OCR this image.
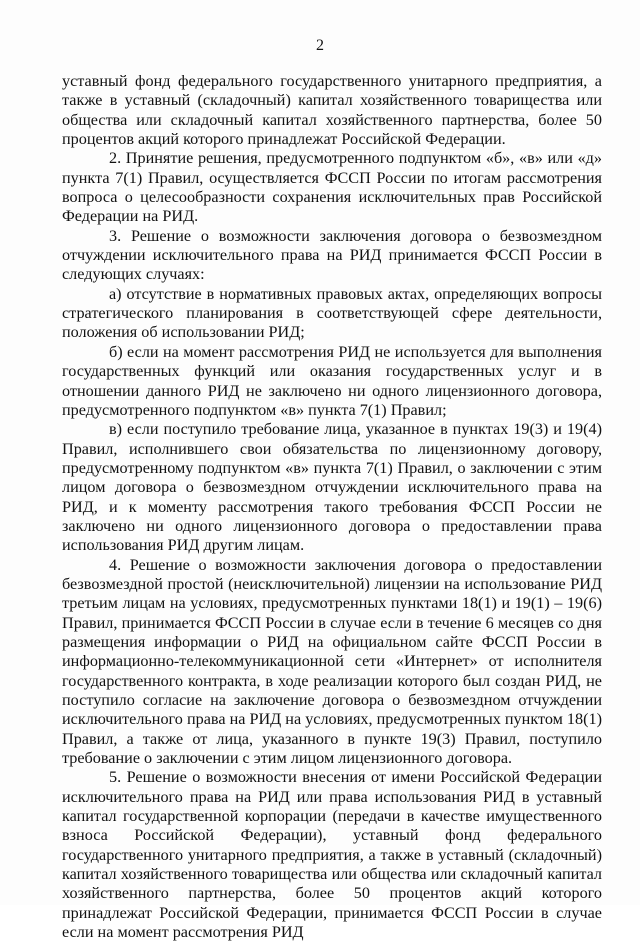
2

уставный фонд федерального государственного унитарного предприятия, а также в уставный (складочный) капитал хозяйственного товарищества или общества или складочный капитал хозяйственного партнерства, более 50 процентов акций которого принадлежат Российской Федерации.

2. Принятие решения, предусмотренного подпунктом «б», «в» или «д» пункта 7(1) Правил, осуществляется ФССП России по итогам рассмотрения вопроса о целесообразности сохранения исключительных прав Российской Федерации на РИД.

3. Решение о возможности заключения договора о безвозмездном отчуждении исключительного права на РИД принимается ФССП России в следующих случаях:

а) отсутствие в нормативных правовых актах, определяющих вопросы стратегического планирования в соответствующей сфере деятельности, положения об использовании РИД;

б) если на момент рассмотрения РИД не используется для выполнения государственных функций или оказания государственных услуг и в отношении данного РИД не заключено ни одного лицензионного договора, предусмотренного подпунктом «в» пункта 7(1) Правил;

в) если поступило требование лица, указанное в пунктах 19(3) и 19(4) Правил, исполнившего свои обязательства по лицензионному договору, предусмотренному подпунктом «в» пункта 7(1) Правил, о заключении с этим лицом договора о безвозмездном отчуждении исключительного права на РИД, и к моменту рассмотрения такого требования ФССП России не заключено ни одного лицензионного договора о предоставлении права использования РИД другим лицам.

4. Решение о возможности заключения договора о предоставлении безвозмездной простой (неисключительной) лицензии на использование РИД третьим лицам на условиях, предусмотренных пунктами 18(1) и 19(1) – 19(6) Правил, принимается ФССП России в случае если в течение 6 месяцев со дня размещения информации о РИД на официальном сайте ФССП России в информационно-телекоммуникационной сети «Интернет» от исполнителя государственного контракта, в ходе реализации которого был создан РИД, не поступило согласие на заключение договора о безвозмездном отчуждении исключительного права на РИД на условиях, предусмотренных пунктом 18(1) Правил, а также от лица, указанного в пункте 19(3) Правил, поступило требование о заключении с этим лицом лицензионного договора.

5. Решение о возможности внесения от имени Российской Федерации исключительного права на РИД или права использования РИД в уставный капитал государственной корпорации (передачи в качестве имущественного взноса Российской Федерации), уставный фонд федерального государственного унитарного предприятия, а также в уставный (складочный) капитал хозяйственного товарищества или общества или складочный капитал хозяйственного партнерства, более 50 процентов акций которого принадлежат Российской Федерации, принимается ФССП России в случае если на момент рассмотрения РИД
